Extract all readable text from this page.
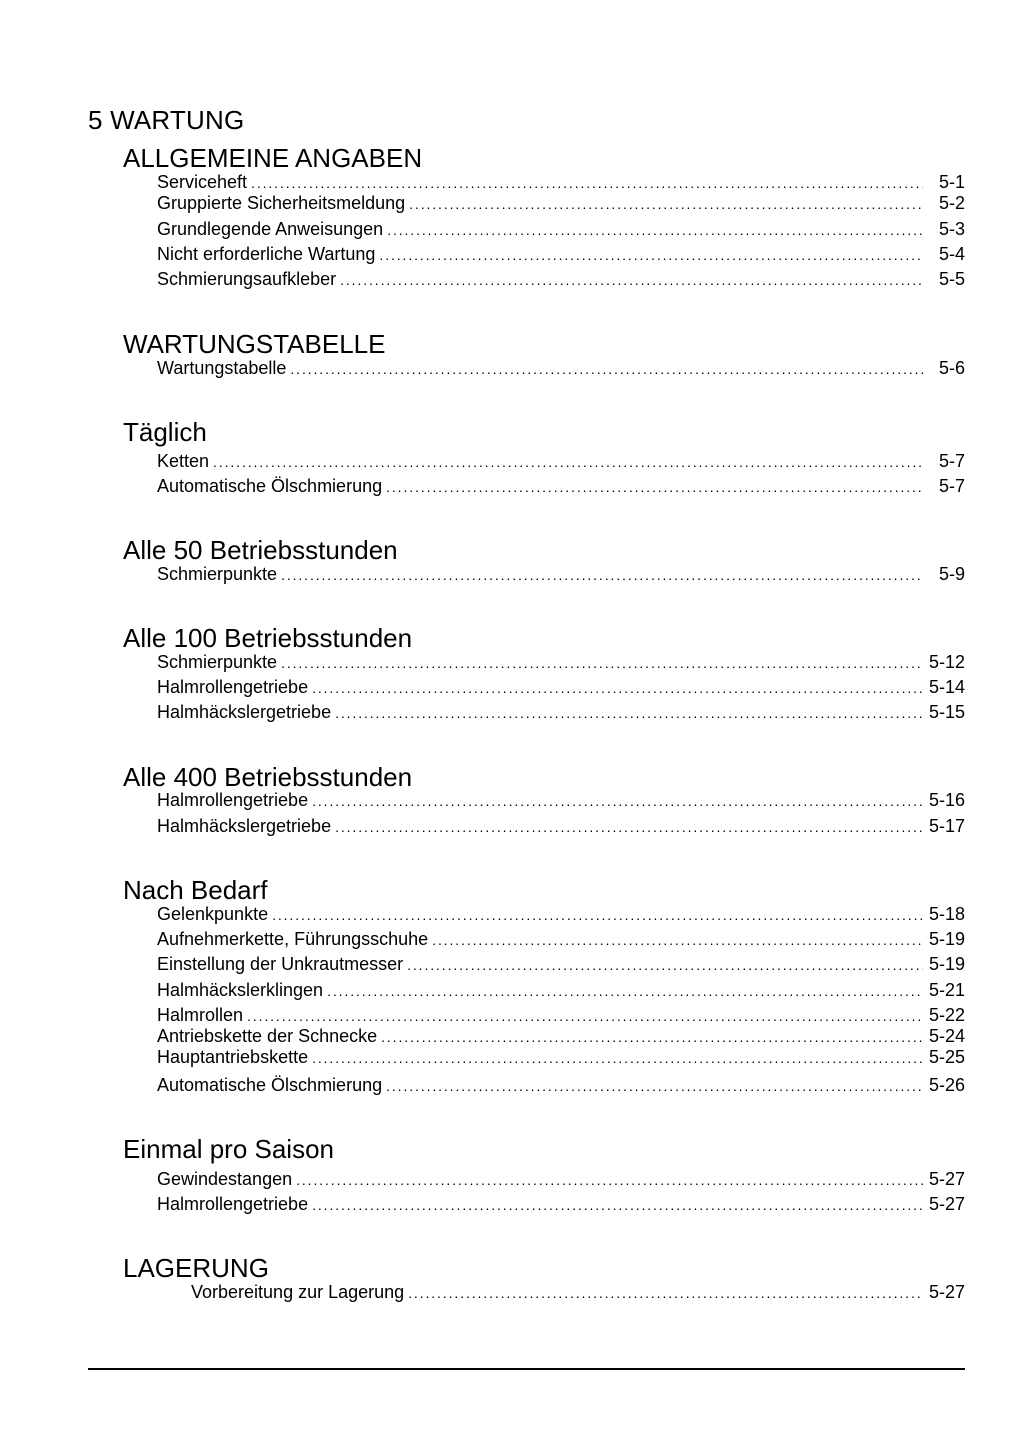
5 WARTUNG
ALLGEMEINE ANGABEN
Serviceheft . . .	5-1
Gruppierte Sicherheitsmeldung . . .	5-2
Grundlegende Anweisungen . . .	5-3
Nicht erforderliche Wartung . . .	5-4
Schmierungsaufkleber . . .	5-5
WARTUNGSTABELLE
Wartungstabelle . . .	5-6
Täglich
Ketten . . .	5-7
Automatische Ölschmierung . . .	5-7
Alle 50 Betriebsstunden
Schmierpunkte . . .	5-9
Alle 100 Betriebsstunden
Schmierpunkte . . .	5-12
Halmrollengetriebe . . .	5-14
Halmhäckslergetriebe . . .	5-15
Alle 400 Betriebsstunden
Halmrollengetriebe . . .	5-16
Halmhäckslergetriebe . . .	5-17
Nach Bedarf
Gelenkpunkte . . .	5-18
Aufnehmerkette, Führungsschuhe . . .	5-19
Einstellung der Unkrautmesser . . .	5-19
Halmhäckslerklingen . . .	5-21
Halmrollen . . .	5-22
Antriebskette der Schnecke . . .	5-24
Hauptantriebskette . . .	5-25
Automatische Ölschmierung . . .	5-26
Einmal pro Saison
Gewindestangen . . .	5-27
Halmrollengetriebe . . .	5-27
LAGERUNG
Vorbereitung zur Lagerung . . .	5-27
